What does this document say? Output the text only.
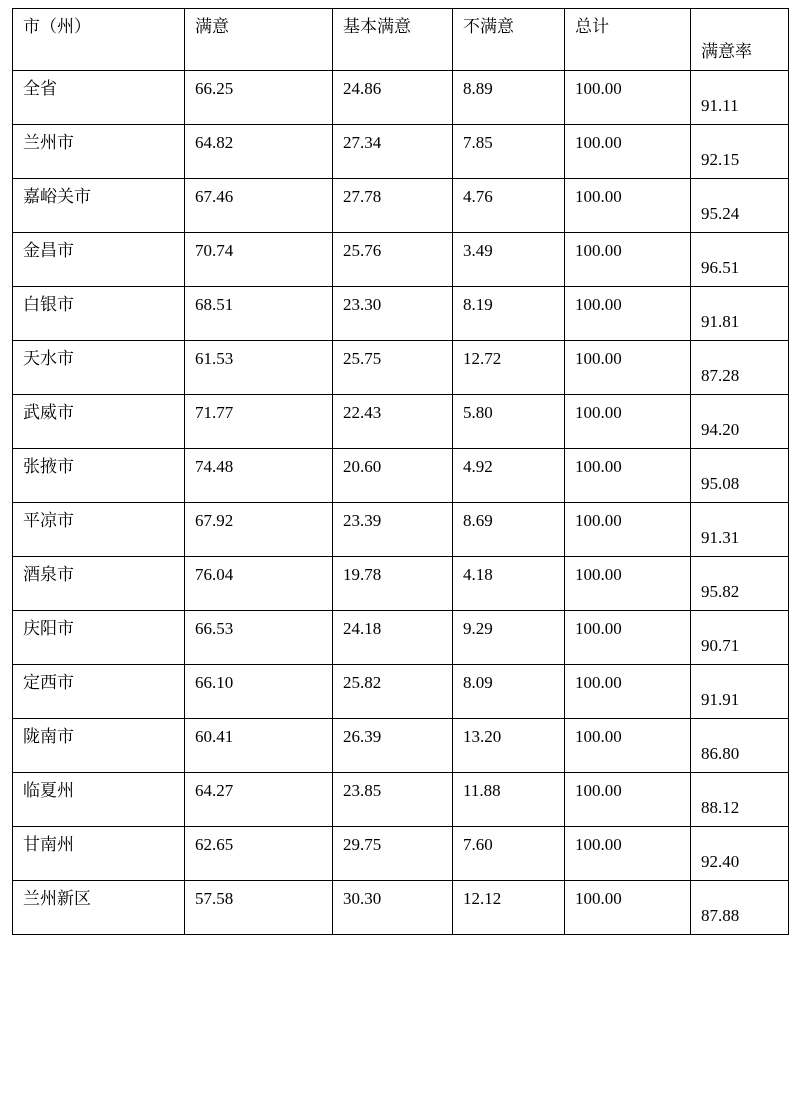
市（州）	满意	基本满意	不满意	总计	满意率

全省	66.25	24.86	8.89	100.00	91.11

兰州市	64.82	27.34	7.85	100.00	92.15

嘉峪关市	67.46	27.78	4.76	100.00	95.24

金昌市	70.74	25.76	3.49	100.00	96.51

白银市	68.51	23.30	8.19	100.00	91.81

天水市	61.53	25.75	12.72	100.00	87.28

武威市	71.77	22.43	5.80	100.00	94.20

张掖市	74.48	20.60	4.92	100.00	95.08

平凉市	67.92	23.39	8.69	100.00	91.31

酒泉市	76.04	19.78	4.18	100.00	95.82

庆阳市	66.53	24.18	9.29	100.00	90.71

定西市	66.10	25.82	8.09	100.00	91.91

陇南市	60.41	26.39	13.20	100.00	86.80

临夏州	64.27	23.85	11.88	100.00	88.12

甘南州	62.65	29.75	7.60	100.00	92.40

兰州新区	57.58	30.30	12.12	100.00	87.88
